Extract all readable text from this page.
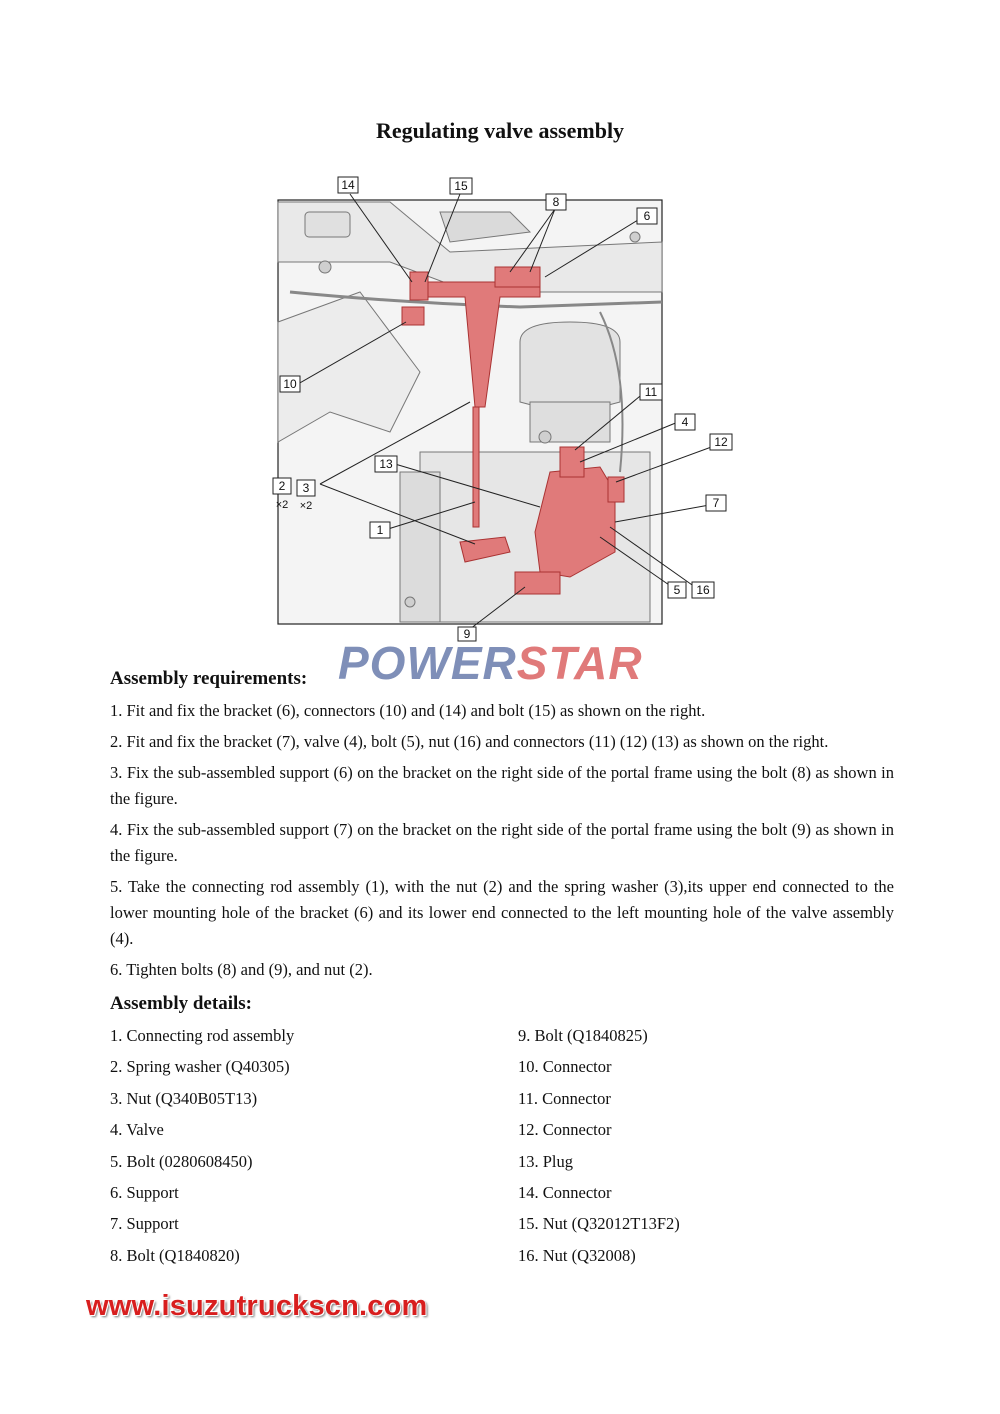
Regulating valve assembly
14	15
8
6
10
11
4
12
2 3
13
7
1
5 16
9
×2 ×2
POWERSTAR
Assembly requirements:

1. Fit and fix the bracket (6), connectors (10) and (14) and bolt (15) as shown on the right.

2. Fit and fix the bracket (7), valve (4), bolt (5), nut (16) and connectors (11) (12) (13) as shown on the right.

3. Fix the sub-assembled support (6) on the bracket on the right side of the portal frame using the bolt (8) as shown in the figure.

4. Fix the sub-assembled support (7) on the bracket on the right side of the portal frame using the bolt (9) as shown in the figure.

5. Take the connecting rod assembly (1), with the nut (2) and the spring washer (3),its upper end connected to the lower mounting hole of the bracket (6) and its lower end connected to the left mounting hole of the valve assembly (4).

6. Tighten bolts (8) and (9), and nut (2).

Assembly details:
1. Connecting rod assembly
2. Spring washer (Q40305)
3. Nut (Q340B05T13)
4. Valve
5. Bolt (0280608450)
6. Support
7. Support
8. Bolt (Q1840820)
9. Bolt (Q1840825)
10. Connector
11. Connector
12. Connector
13. Plug
14. Connector
15. Nut (Q32012T13F2)
16. Nut (Q32008)
www.isuzutruckscn.com
